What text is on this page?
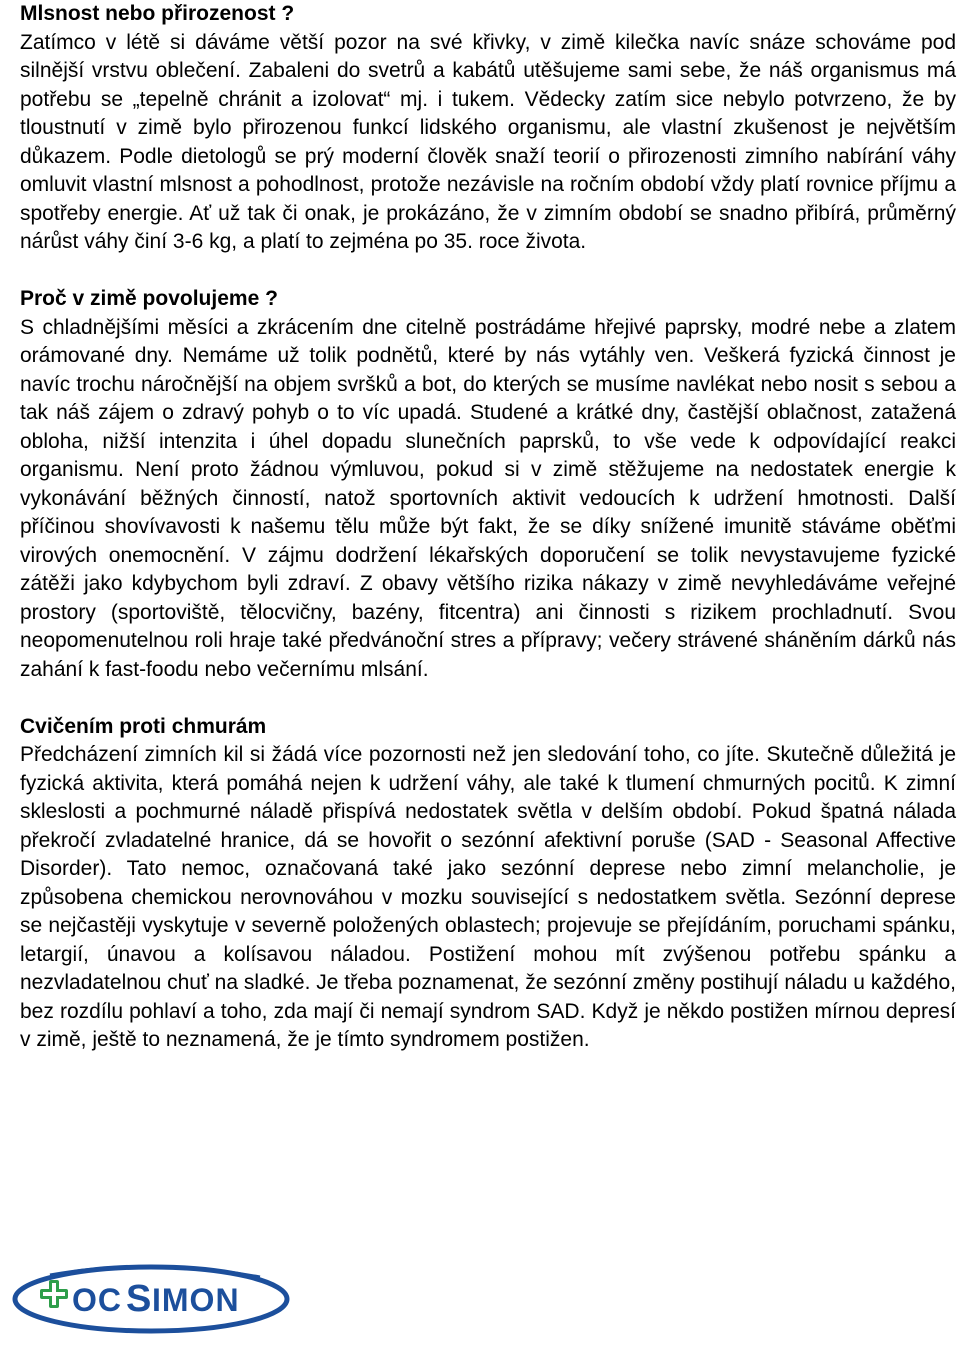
Mlsnost nebo přirozenost ?

Zatímco v létě si dáváme větší pozor na své křivky, v zimě kilečka navíc snáze schováme pod silnější vrstvu oblečení. Zabaleni do svetrů a kabátů utěšujeme sami sebe, že náš organismus má potřebu se „tepelně chránit a izolovat“ mj. i tukem. Vědecky zatím sice nebylo potvrzeno, že by tloustnutí v zimě bylo přirozenou funkcí lidského organismu, ale vlastní zkušenost je největším důkazem. Podle dietologů se prý moderní člověk snaží teorií o přirozenosti zimního nabírání váhy omluvit vlastní mlsnost a pohodlnost, protože nezávisle na ročním období vždy platí rovnice příjmu a spotřeby energie. Ať už tak či onak, je prokázáno, že v zimním období se snadno přibírá, průměrný nárůst váhy činí 3-6 kg, a platí to zejména po 35. roce života.

Proč v zimě povolujeme ?

S chladnějšími měsíci a zkrácením dne citelně postrádáme hřejivé paprsky, modré nebe a zlatem orámované dny. Nemáme už tolik podnětů, které by nás vytáhly ven. Veškerá fyzická činnost je navíc trochu náročnější na objem svršků a bot, do kterých se musíme navlékat nebo nosit s sebou a tak náš zájem o zdravý pohyb o to víc upadá. Studené a krátké dny, častější oblačnost, zatažená obloha, nižší intenzita i úhel dopadu slunečních paprsků, to vše vede k odpovídající reakci organismu. Není proto žádnou výmluvou, pokud si v zimě stěžujeme na nedostatek energie k vykonávání běžných činností, natož sportovních aktivit vedoucích k udržení hmotnosti. Další příčinou shovívavosti k našemu tělu může být fakt, že se díky snížené imunitě stáváme oběťmi virových onemocnění. V zájmu dodržení lékařských doporučení se tolik nevystavujeme fyzické zátěži jako kdybychom byli zdraví. Z obavy většího rizika nákazy v zimě nevyhledáváme veřejné prostory (sportoviště, tělocvičny, bazény, fitcentra) ani činnosti s rizikem prochladnutí. Svou neopomenutelnou roli hraje také předvánoční stres a přípravy; večery strávené sháněním dárků nás zahání k fast-foodu nebo večernímu mlsání.

Cvičením proti chmurám

Předcházení zimních kil si žádá více pozornosti než jen sledování toho, co jíte. Skutečně důležitá je fyzická aktivita, která pomáhá nejen k udržení váhy, ale také k tlumení chmurných pocitů. K zimní skleslosti a pochmurné náladě přispívá nedostatek světla v delším období. Pokud špatná nálada překročí zvladatelné hranice, dá se hovořit o sezónní afektivní poruše (SAD - Seasonal Affective Disorder). Tato nemoc, označovaná také jako sezónní deprese nebo zimní melancholie, je způsobena chemickou nerovnováhou v mozku související s nedostatkem světla. Sezónní deprese se nejčastěji vyskytuje v severně položených oblastech; projevuje se přejídáním, poruchami spánku, letargií, únavou a kolísavou náladou. Postižení mohou mít zvýšenou potřebu spánku a nezvladatelnou chuť na sladké. Je třeba poznamenat, že sezónní změny postihují náladu u každého, bez rozdílu pohlaví a toho, zda mají či nemají syndrom SAD. Když je někdo postižen mírnou depresí v zimě, ještě to neznamená, že je tímto syndromem postižen.

OC S IMON
